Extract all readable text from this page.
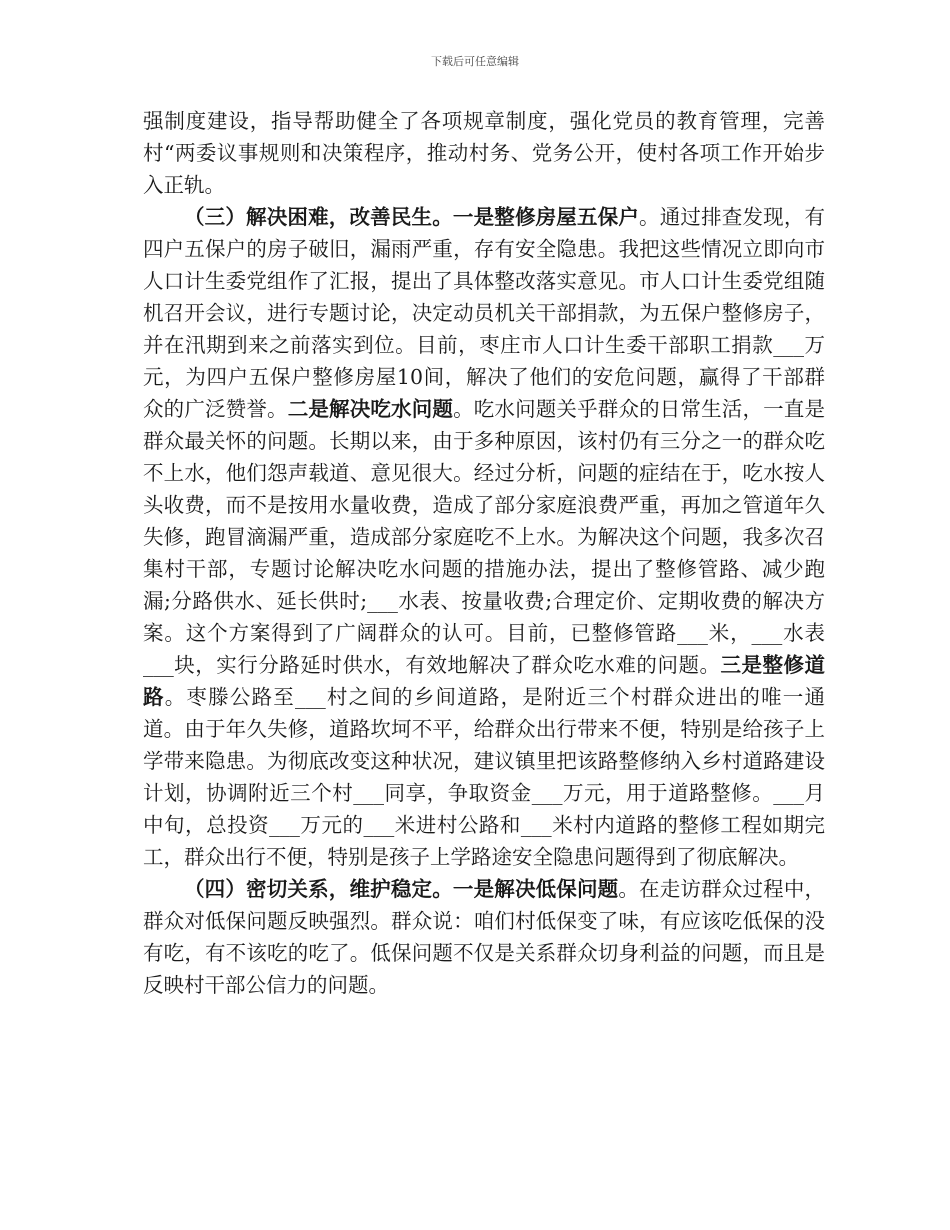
下载后可任意编辑

强制度建设，指导帮助健全了各项规章制度，强化党员的教育管理，完善村“两委议事规则和决策程序，推动村务、党务公开，使村各项工作开始步入正轨。

（三）解决困难，改善民生。一是整修房屋五保户。通过排查发现，有四户五保户的房子破旧，漏雨严重，存有安全隐患。我把这些情况立即向市人口计生委党组作了汇报，提出了具体整改落实意见。市人口计生委党组随机召开会议，进行专题讨论，决定动员机关干部捐款，为五保户整修房子，并在汛期到来之前落实到位。目前，枣庄市人口计生委干部职工捐款___万元，为四户五保户整修房屋10间，解决了他们的安危问题，赢得了干部群众的广泛赞誉。二是解决吃水问题。吃水问题关乎群众的日常生活，一直是群众最关怀的问题。长期以来，由于多种原因，该村仍有三分之一的群众吃不上水，他们怨声载道、意见很大。经过分析，问题的症结在于，吃水按人头收费，而不是按用水量收费，造成了部分家庭浪费严重，再加之管道年久失修，跑冒滴漏严重，造成部分家庭吃不上水。为解决这个问题，我多次召集村干部，专题讨论解决吃水问题的措施办法，提出了整修管路、减少跑漏;分路供水、延长供时;___水表、按量收费;合理定价、定期收费的解决方案。这个方案得到了广阔群众的认可。目前，已整修管路___米，___水表___块，实行分路延时供水，有效地解决了群众吃水难的问题。三是整修道路。枣滕公路至___村之间的乡间道路，是附近三个村群众进出的唯一通道。由于年久失修，道路坎坷不平，给群众出行带来不便，特别是给孩子上学带来隐患。为彻底改变这种状况，建议镇里把该路整修纳入乡村道路建设计划，协调附近三个村___同享，争取资金___万元，用于道路整修。___月中旬，总投资___万元的___米进村公路和___米村内道路的整修工程如期完工，群众出行不便，特别是孩子上学路途安全隐患问题得到了彻底解决。

（四）密切关系，维护稳定。一是解决低保问题。在走访群众过程中，群众对低保问题反映强烈。群众说：咱们村低保变了味，有应该吃低保的没有吃，有不该吃的吃了。低保问题不仅是关系群众切身利益的问题，而且是反映村干部公信力的问题。
